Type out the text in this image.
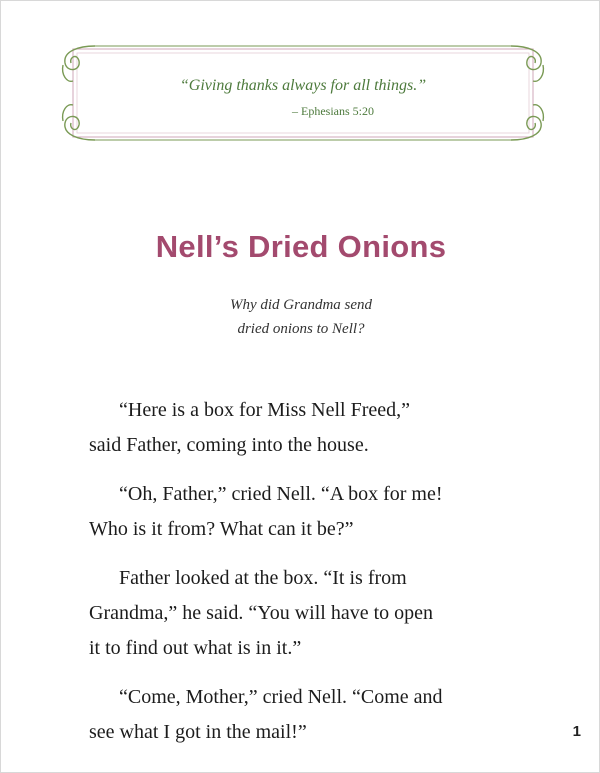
“Giving thanks always for all things.”
– Ephesians 5:20
Nell’s Dried Onions
Why did Grandma send
dried onions to Nell?

“Here is a box for Miss Nell Freed,”
said Father, coming into the house.

“Oh, Father,” cried Nell. “A box for me!
Who is it from? What can it be?”

Father looked at the box. “It is from
Grandma,” he said. “You will have to open
it to find out what is in it.”

“Come, Mother,” cried Nell. “Come and
see what I got in the mail!”	1
